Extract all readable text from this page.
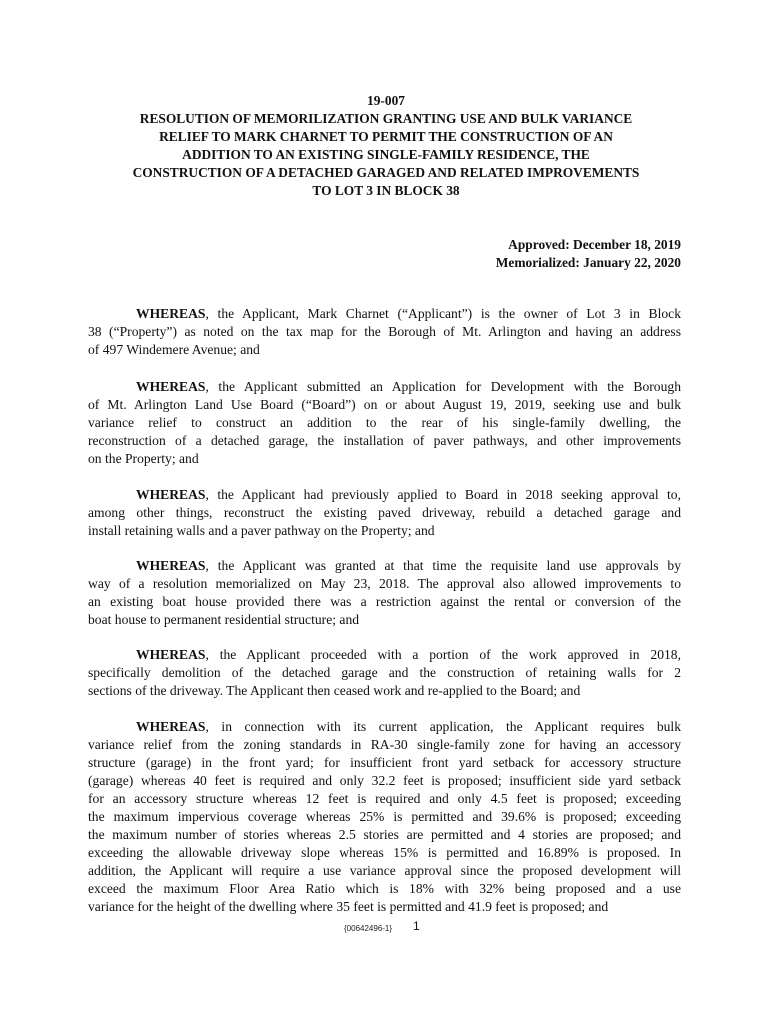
19-007
RESOLUTION OF MEMORILIZATION GRANTING USE AND BULK VARIANCE
RELIEF TO MARK CHARNET TO PERMIT THE CONSTRUCTION OF AN
ADDITION TO AN EXISTING SINGLE-FAMILY RESIDENCE, THE
CONSTRUCTION OF A DETACHED GARAGED AND RELATED IMPROVEMENTS
TO LOT 3 IN BLOCK 38
Approved: December 18, 2019
Memorialized: January 22, 2020
WHEREAS, the Applicant, Mark Charnet (“Applicant”) is the owner of Lot 3 in Block
38 (“Property”) as noted on the tax map for the Borough of Mt. Arlington and having an address
of 497 Windemere Avenue; and
WHEREAS, the Applicant submitted an Application for Development with the Borough
of Mt. Arlington Land Use Board (“Board”) on or about August 19, 2019, seeking use and bulk
variance relief to construct an addition to the rear of his single-family dwelling, the
reconstruction of a detached garage, the installation of paver pathways, and other improvements
on the Property; and
WHEREAS, the Applicant had previously applied to Board in 2018 seeking approval to,
among other things, reconstruct the existing paved driveway, rebuild a detached garage and
install retaining walls and a paver pathway on the Property; and
WHEREAS, the Applicant was granted at that time the requisite land use approvals by
way of a resolution memorialized on May 23, 2018. The approval also allowed improvements to
an existing boat house provided there was a restriction against the rental or conversion of the
boat house to permanent residential structure; and
WHEREAS, the Applicant proceeded with a portion of the work approved in 2018,
specifically demolition of the detached garage and the construction of retaining walls for 2
sections of the driveway. The Applicant then ceased work and re-applied to the Board; and
WHEREAS, in connection with its current application, the Applicant requires bulk
variance relief from the zoning standards in RA-30 single-family zone for having an accessory
structure (garage) in the front yard; for insufficient front yard setback for accessory structure
(garage) whereas 40 feet is required and only 32.2 feet is proposed; insufficient side yard setback
for an accessory structure whereas 12 feet is required and only 4.5 feet is proposed; exceeding
the maximum impervious coverage whereas 25% is permitted and 39.6% is proposed; exceeding
the maximum number of stories whereas 2.5 stories are permitted and 4 stories are proposed; and
exceeding the allowable driveway slope whereas 15% is permitted and 16.89% is proposed. In
addition, the Applicant will require a use variance approval since the proposed development will
exceed the maximum Floor Area Ratio which is 18% with 32% being proposed and a use
variance for the height of the dwelling where 35 feet is permitted and 41.9 feet is proposed; and
{00642496-1} 1
